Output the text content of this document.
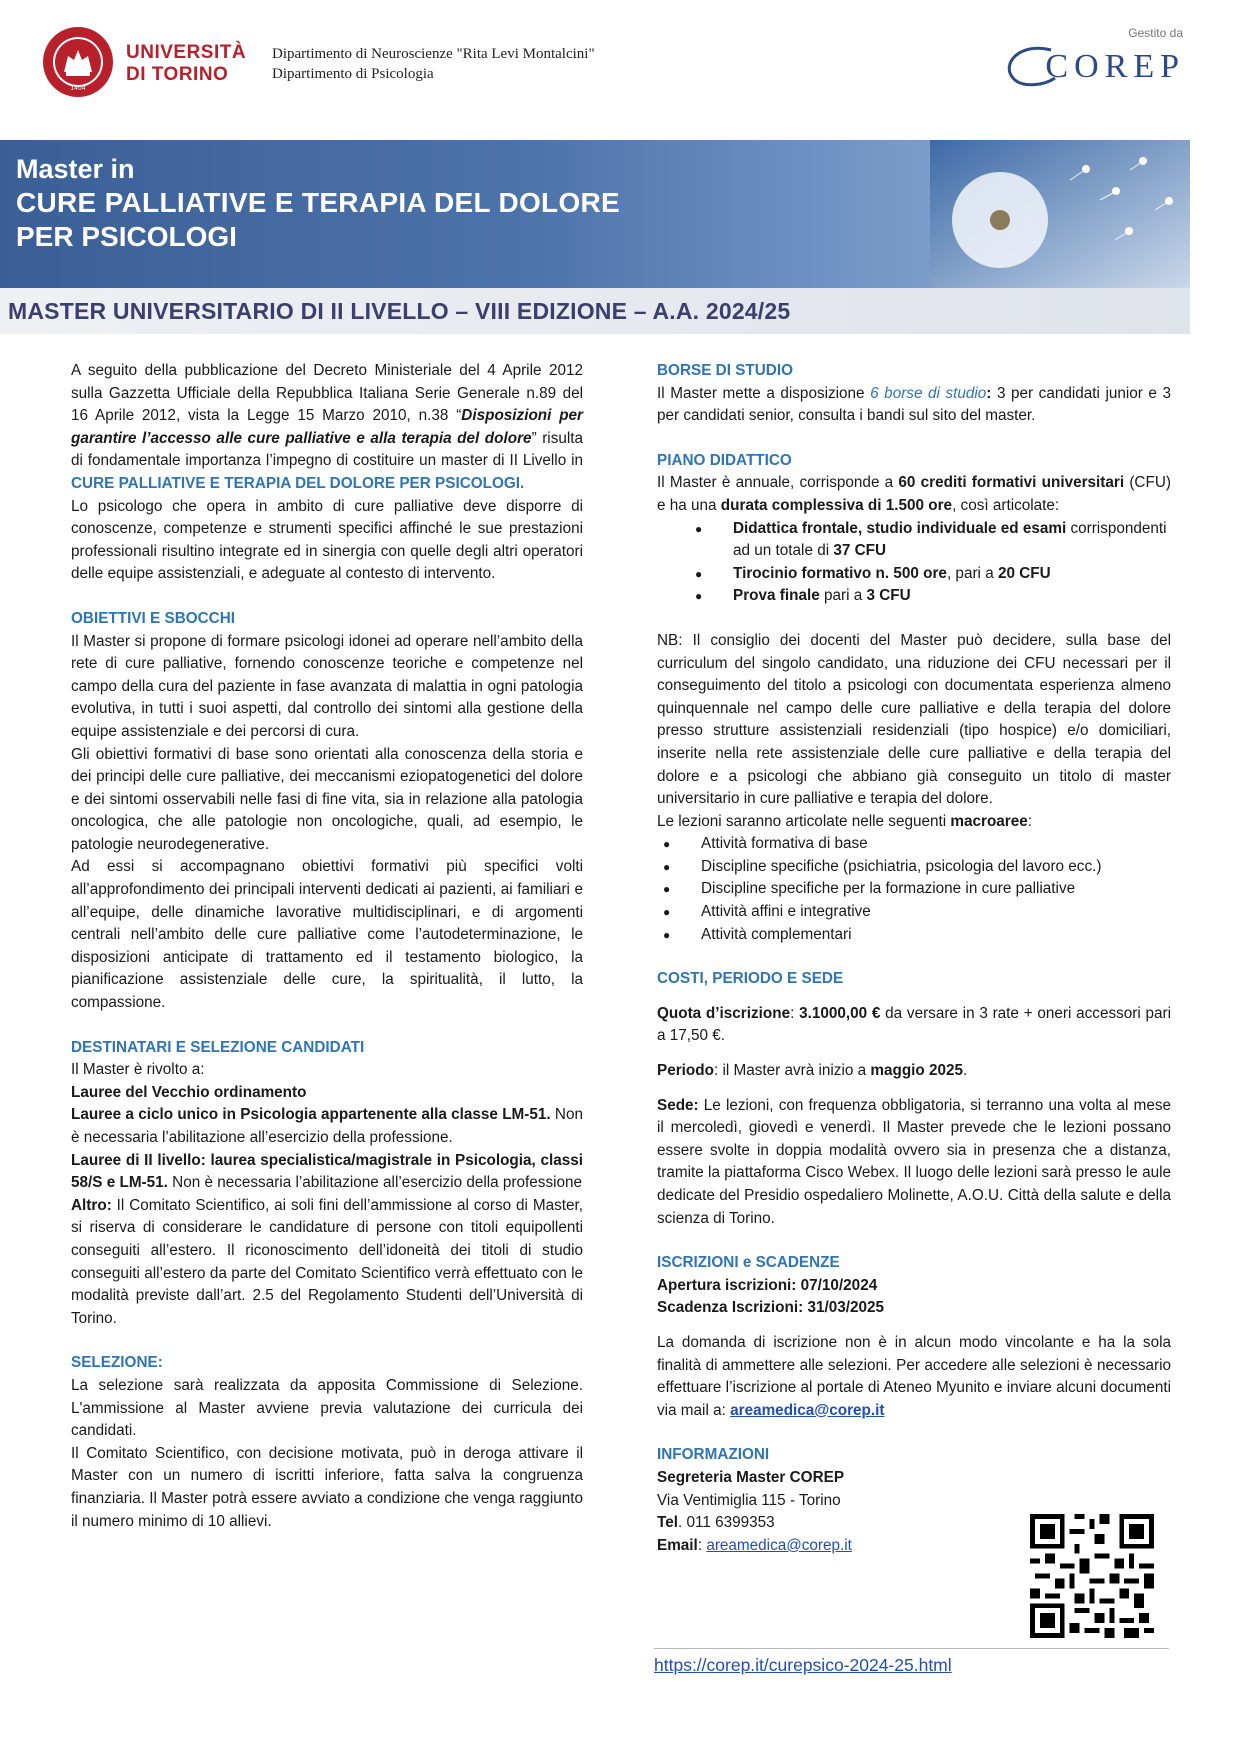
1404
UNIVERSITÀ
DI TORINO
Dipartimento di Neuroscienze "Rita Levi Montalcini"
Dipartimento di Psicologia
Gestito da
COREP
Master in
CURE PALLIATIVE E TERAPIA DEL DOLORE
PER PSICOLOGI
MASTER UNIVERSITARIO DI II LIVELLO – VIII EDIZIONE – A.A. 2024/25

A seguito della pubblicazione del Decreto Ministeriale del 4 Aprile 2012 sulla Gazzetta Ufficiale della Repubblica Italiana Serie Generale n.89 del 16 Aprile 2012, vista la Legge 15 Marzo 2010, n.38 “Disposizioni per garantire l’accesso alle cure palliative e alla terapia del dolore” risulta di fondamentale importanza l’impegno di costituire un master di II Livello in CURE PALLIATIVE E TERAPIA DEL DOLORE PER PSICOLOGI.

Lo psicologo che opera in ambito di cure palliative deve disporre di conoscenze, competenze e strumenti specifici affinché le sue prestazioni professionali risultino integrate ed in sinergia con quelle degli altri operatori delle equipe assistenziali, e adeguate al contesto di intervento.

OBIETTIVI E SBOCCHI

Il Master si propone di formare psicologi idonei ad operare nell’ambito della rete di cure palliative, fornendo conoscenze teoriche e competenze nel campo della cura del paziente in fase avanzata di malattia in ogni patologia evolutiva, in tutti i suoi aspetti, dal controllo dei sintomi alla gestione della equipe assistenziale e dei percorsi di cura.

Gli obiettivi formativi di base sono orientati alla conoscenza della storia e dei principi delle cure palliative, dei meccanismi eziopatogenetici del dolore e dei sintomi osservabili nelle fasi di fine vita, sia in relazione alla patologia oncologica, che alle patologie non oncologiche, quali, ad esempio, le patologie neurodegenerative.

Ad essi si accompagnano obiettivi formativi più specifici volti all’approfondimento dei principali interventi dedicati ai pazienti, ai familiari e all’equipe, delle dinamiche lavorative multidisciplinari, e di argomenti centrali nell’ambito delle cure palliative come l’autodeterminazione, le disposizioni anticipate di trattamento ed il testamento biologico, la pianificazione assistenziale delle cure, la spiritualità, il lutto, la compassione.

DESTINATARI E SELEZIONE CANDIDATI

Il Master è rivolto a:

Lauree del Vecchio ordinamento

Lauree a ciclo unico in Psicologia appartenente alla classe LM-51. Non è necessaria l’abilitazione all’esercizio della professione.

Lauree di II livello: laurea specialistica/magistrale in Psicologia, classi 58/S e LM-51. Non è necessaria l’abilitazione all’esercizio della professione

Altro: Il Comitato Scientifico, ai soli fini dell’ammissione al corso di Master, si riserva di considerare le candidature di persone con titoli equipollenti conseguiti all’estero. Il riconoscimento dell’idoneità dei titoli di studio conseguiti all’estero da parte del Comitato Scientifico verrà effettuato con le modalità previste dall’art. 2.5 del Regolamento Studenti dell’Università di Torino.

SELEZIONE:

La selezione sarà realizzata da apposita Commissione di Selezione. L'ammissione al Master avviene previa valutazione dei curricula dei candidati.

Il Comitato Scientifico, con decisione motivata, può in deroga attivare il Master con un numero di iscritti inferiore, fatta salva la congruenza finanziaria. Il Master potrà essere avviato a condizione che venga raggiunto il numero minimo di 10 allievi.

BORSE DI STUDIO

Il Master mette a disposizione 6 borse di studio: 3 per candidati junior e 3 per candidati senior, consulta i bandi sul sito del master.

PIANO DIDATTICO

Il Master è annuale, corrisponde a 60 crediti formativi universitari (CFU) e ha una durata complessiva di 1.500 ore, così articolate:

● Didattica frontale, studio individuale ed esami corrispondenti ad un totale di 37 CFU
● Tirocinio formativo n. 500 ore, pari a 20 CFU
● Prova finale pari a 3 CFU

NB: Il consiglio dei docenti del Master può decidere, sulla base del curriculum del singolo candidato, una riduzione dei CFU necessari per il conseguimento del titolo a psicologi con documentata esperienza almeno quinquennale nel campo delle cure palliative e della terapia del dolore presso strutture assistenziali residenziali (tipo hospice) e/o domiciliari, inserite nella rete assistenziale delle cure palliative e della terapia del dolore e a psicologi che abbiano già conseguito un titolo di master universitario in cure palliative e terapia del dolore.

Le lezioni saranno articolate nelle seguenti macroaree:

● Attività formativa di base
● Discipline specifiche (psichiatria, psicologia del lavoro ecc.)
● Discipline specifiche per la formazione in cure palliative
● Attività affini e integrative
● Attività complementari
COSTI, PERIODO E SEDE

Quota d’iscrizione: 3.1000,00 € da versare in 3 rate + oneri accessori pari a 17,50 €.

Periodo: il Master avrà inizio a maggio 2025.

Sede: Le lezioni, con frequenza obbligatoria, si terranno una volta al mese il mercoledì, giovedì e venerdì. Il Master prevede che le lezioni possano essere svolte in doppia modalità ovvero sia in presenza che a distanza, tramite la piattaforma Cisco Webex. Il luogo delle lezioni sarà presso le aule dedicate del Presidio ospedaliero Molinette, A.O.U. Città della salute e della scienza di Torino.

ISCRIZIONI e SCADENZE

Apertura iscrizioni: 07/10/2024

Scadenza Iscrizioni: 31/03/2025

La domanda di iscrizione non è in alcun modo vincolante e ha la sola finalità di ammettere alle selezioni. Per accedere alle selezioni è necessario effettuare l’iscrizione al portale di Ateneo Myunito e inviare alcuni documenti via mail a: areamedica@corep.it

INFORMAZIONI

Segreteria Master COREP

Via Ventimiglia 115 - Torino

Tel. 011 6399353

Email: areamedica@corep.it

https://corep.it/curepsico-2024-25.html
